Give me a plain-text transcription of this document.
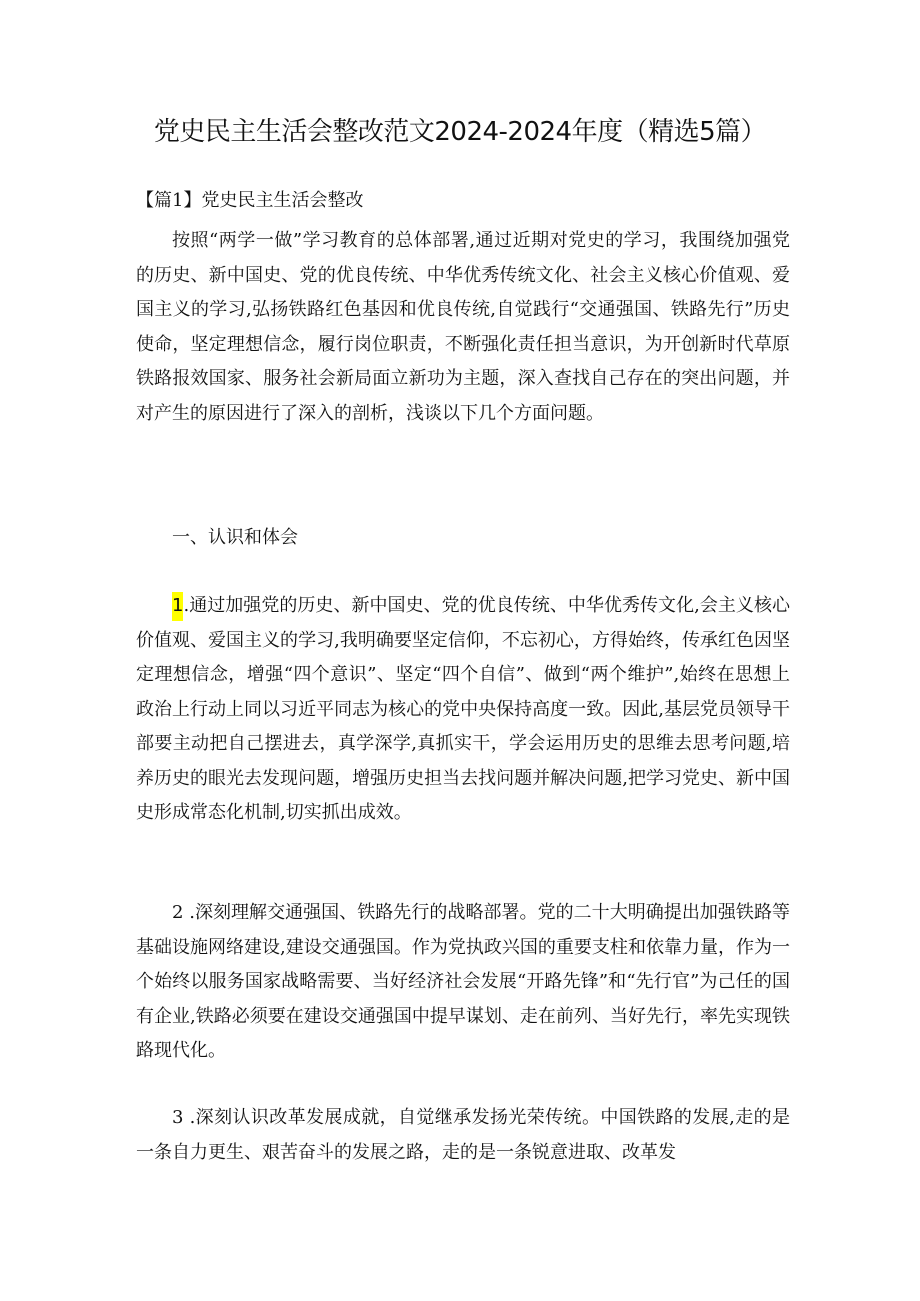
党史民主生活会整改范文2024-2024年度（精选5篇）
【篇1】党史民主生活会整改

按照“两学一做”学习教育的总体部署,通过近期对党史的学习，我围绕加强党的历史、新中国史、党的优良传统、中华优秀传统文化、社会主义核心价值观、爱国主义的学习,弘扬铁路红色基因和优良传统,自觉践行“交通强国、铁路先行”历史使命，坚定理想信念，履行岗位职责，不断强化责任担当意识，为开创新时代草原铁路报效国家、服务社会新局面立新功为主题，深入查找自己存在的突出问题，并对产生的原因进行了深入的剖析，浅谈以下几个方面问题。

一、认识和体会

1.通过加强党的历史、新中国史、党的优良传统、中华优秀传文化,会主义核心价值观、爱国主义的学习,我明确要坚定信仰，不忘初心，方得始终，传承红色因坚定理想信念，增强“四个意识”、坚定“四个自信”、做到“两个维护”,始终在思想上政治上行动上同以习近平同志为核心的党中央保持高度一致。因此,基层党员领导干部要主动把自己摆进去，真学深学,真抓实干，学会运用历史的思维去思考问题,培养历史的眼光去发现问题，增强历史担当去找问题并解决问题,把学习党史、新中国史形成常态化机制,切实抓出成效。

2 .深刻理解交通强国、铁路先行的战略部署。党的二十大明确提出加强铁路等基础设施网络建设,建设交通强国。作为党执政兴国的重要支柱和依靠力量，作为一个始终以服务国家战略需要、当好经济社会发展“开路先锋”和“先行官”为己任的国有企业,铁路必须要在建设交通强国中提早谋划、走在前列、当好先行，率先实现铁路现代化。

3 .深刻认识改革发展成就，自觉继承发扬光荣传统。中国铁路的发展,走的是一条自力更生、艰苦奋斗的发展之路，走的是一条锐意进取、改革发
